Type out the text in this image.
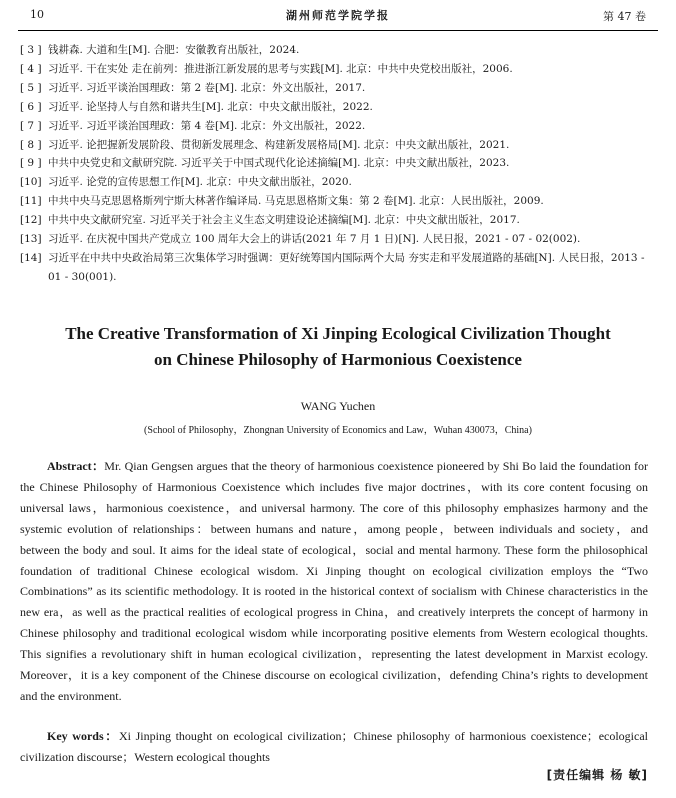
10	湖州师范学院学报	第 47 卷
[ 3 ] 钱耕森. 大道和生[M]. 合肥：安徽教育出版社，2024.
[ 4 ] 习近平. 干在实处 走在前列：推进浙江新发展的思考与实践[M]. 北京：中共中央党校出版社，2006.
[ 5 ] 习近平. 习近平谈治国理政：第 2 卷[M]. 北京：外文出版社，2017.
[ 6 ] 习近平. 论坚持人与自然和谐共生[M]. 北京：中央文献出版社，2022.
[ 7 ] 习近平. 习近平谈治国理政：第 4 卷[M]. 北京：外文出版社，2022.
[ 8 ] 习近平. 论把握新发展阶段、贯彻新发展理念、构建新发展格局[M]. 北京：中央文献出版社，2021.
[ 9 ] 中共中央党史和文献研究院. 习近平关于中国式现代化论述摘编[M]. 北京：中央文献出版社，2023.
[10] 习近平. 论党的宣传思想工作[M]. 北京：中央文献出版社，2020.
[11] 中共中央马克思恩格斯列宁斯大林著作编译局. 马克思恩格斯文集：第 2 卷[M]. 北京：人民出版社，2009.
[12] 中共中央文献研究室. 习近平关于社会主义生态文明建设论述摘编[M]. 北京：中央文献出版社，2017.
[13] 习近平. 在庆祝中国共产党成立 100 周年大会上的讲话(2021 年 7 月 1 日)[N]. 人民日报，2021 - 07 - 02(002).
[14] 习近平在中共中央政治局第三次集体学习时强调：更好统筹国内国际两个大局 夯实走和平发展道路的基础[N]. 人民日报，2013 - 01 - 30(001).
The Creative Transformation of Xi Jinping Ecological Civilization Thought
on Chinese Philosophy of Harmonious Coexistence
WANG Yuchen
(School of Philosophy，Zhongnan University of Economics and Law，Wuhan 430073，China)
Abstract：Mr. Qian Gengsen argues that the theory of harmonious coexistence pioneered by Shi Bo laid the foundation for the Chinese Philosophy of Harmonious Coexistence which includes five major doctrines，with its core content focusing on universal laws，harmonious coexistence，and universal harmony. The core of this philosophy emphasizes harmony and the systemic evolution of relationships：between humans and nature，among people，between individuals and society，and between the body and soul. It aims for the ideal state of ecological，social and mental harmony. These form the philosophical foundation of traditional Chinese ecological wisdom. Xi Jinping thought on ecological civilization employs the “Two Combinations” as its scientific methodology. It is rooted in the historical context of socialism with Chinese characteristics in the new era，as well as the practical realities of ecological progress in China，and creatively interprets the concept of harmony in Chinese philosophy and traditional ecological wisdom while incorporating positive elements from Western ecological thoughts. This signifies a revolutionary shift in human ecological civilization，representing the latest development in Marxist ecology. Moreover，it is a key component of the Chinese discourse on ecological civilization，defending China’s rights to development and the environment.
Key words：Xi Jinping thought on ecological civilization；Chinese philosophy of harmonious coexistence；ecological civilization discourse；Western ecological thoughts
[责任编辑 杨 敏]
